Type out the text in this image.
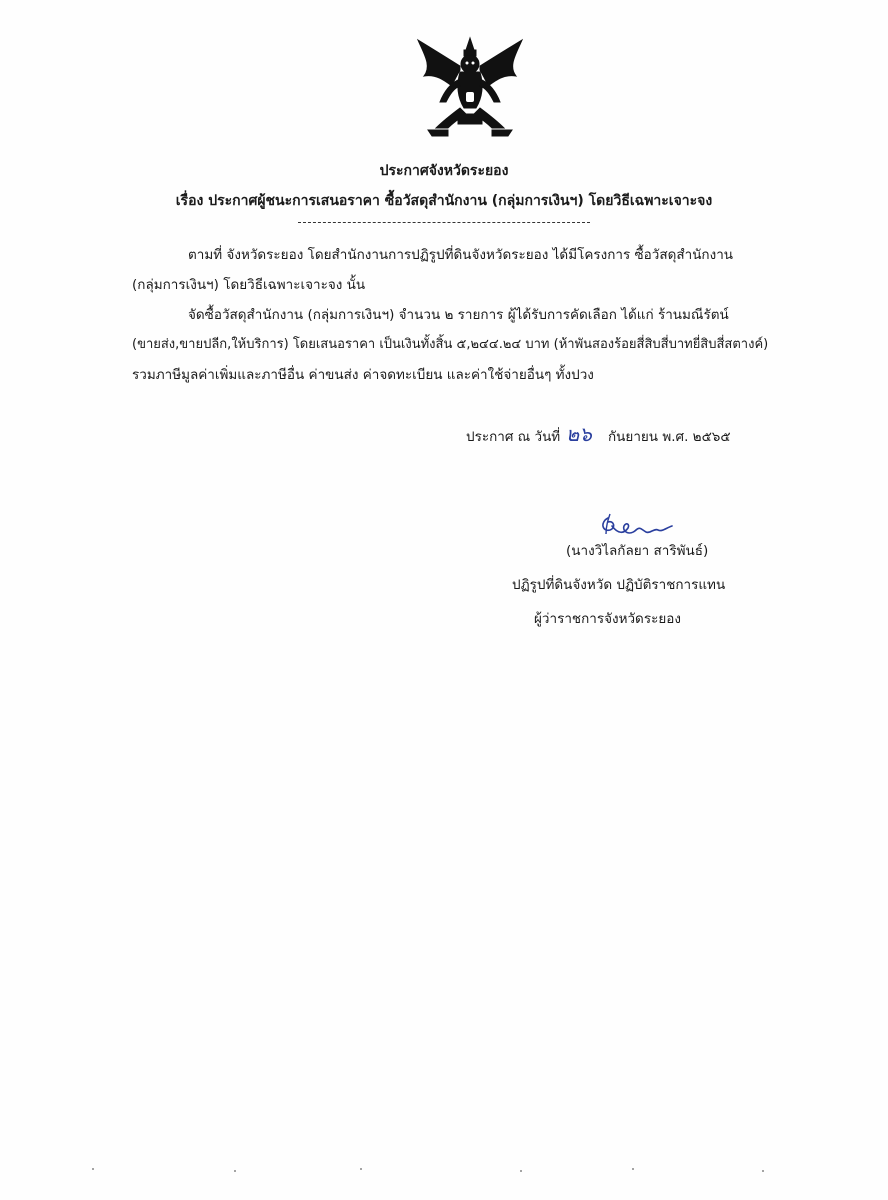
ประกาศจังหวัดระยอง
เรื่อง ประกาศผู้ชนะการเสนอราคา ซื้อวัสดุสำนักงาน (กลุ่มการเงินฯ) โดยวิธีเฉพาะเจาะจง
ตามที่ จังหวัดระยอง โดยสำนักงานการปฏิรูปที่ดินจังหวัดระยอง ได้มีโครงการ ซื้อวัสดุสำนักงาน
(กลุ่มการเงินฯ) โดยวิธีเฉพาะเจาะจง นั้น
จัดซื้อวัสดุสำนักงาน (กลุ่มการเงินฯ) จำนวน ๒ รายการ ผู้ได้รับการคัดเลือก ได้แก่ ร้านมณีรัตน์
(ขายส่ง,ขายปลีก,ให้บริการ) โดยเสนอราคา เป็นเงินทั้งสิ้น ๕,๒๔๔.๒๔ บาท (ห้าพันสองร้อยสี่สิบสี่บาทยี่สิบสี่สตางค์)
รวมภาษีมูลค่าเพิ่มและภาษีอื่น ค่าขนส่ง ค่าจดทะเบียน และค่าใช้จ่ายอื่นๆ ทั้งปวง
ประกาศ ณ วันที่ ๒๖ กันยายน พ.ศ. ๒๕๖๕
(นางวิไลกัลยา สาริพันธ์)
ปฏิรูปที่ดินจังหวัด ปฏิบัติราชการแทน
ผู้ว่าราชการจังหวัดระยอง
